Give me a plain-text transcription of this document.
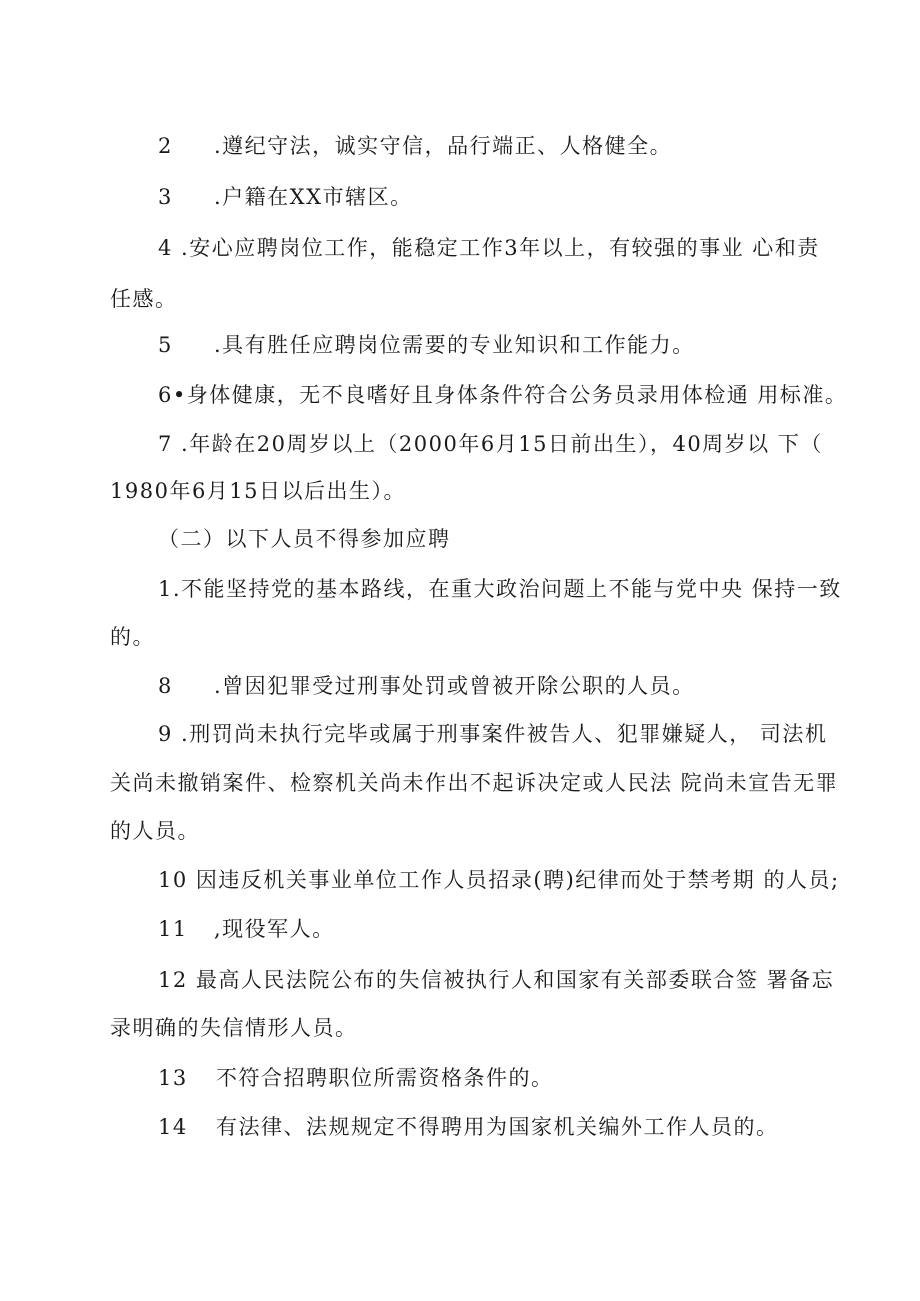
2 .遵纪守法，诚实守信，品行端正、人格健全。
3 .户籍在XX市辖区。
4 .安心应聘岗位工作，能稳定工作3年以上，有较强的事业 心和责
任感。
5 .具有胜任应聘岗位需要的专业知识和工作能力。
6•身体健康，无不良嗜好且身体条件符合公务员录用体检通 用标准。
7 .年龄在20周岁以上（2000年6月15日前出生），40周岁以 下（
1980年6月15日以后出生）。
（二）以下人员不得参加应聘
1.不能坚持党的基本路线，在重大政治问题上不能与党中央 保持一致
的。
8 .曾因犯罪受过刑事处罚或曾被开除公职的人员。
9 .刑罚尚未执行完毕或属于刑事案件被告人、犯罪嫌疑人， 司法机
关尚未撤销案件、检察机关尚未作出不起诉决定或人民法 院尚未宣告无罪
的人员。
10 因违反机关事业单位工作人员招录(聘)纪律而处于禁考期 的人员;
11 ,现役军人。
12 最高人民法院公布的失信被执行人和国家有关部委联合签 署备忘
录明确的失信情形人员。
13 不符合招聘职位所需资格条件的。
14 有法律、法规规定不得聘用为国家机关编外工作人员的。
